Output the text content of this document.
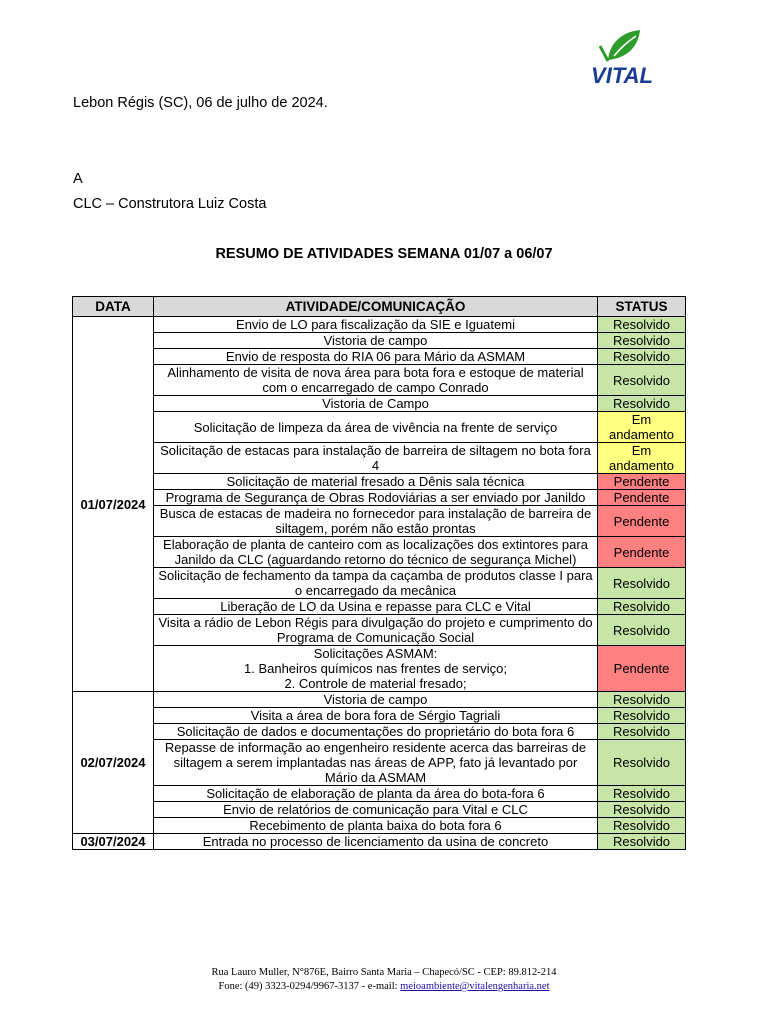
VITAL
Lebon Régis (SC), 06 de julho de 2024.
A
CLC – Construtora Luiz Costa
RESUMO DE ATIVIDADES SEMANA 01/07 a 06/07
DATA	ATIVIDADE/COMUNICAÇÃO	STATUS
01/07/2024	Envio de LO para fiscalização da SIE e Iguatemi	Resolvido
	Vistoria de campo	Resolvido
	Envio de resposta do RIA 06 para Mário da ASMAM	Resolvido
	Alinhamento de visita de nova área para bota fora e estoque de material com o encarregado de campo Conrado	Resolvido
	Vistoria de Campo	Resolvido
	Solicitação de limpeza da área de vivência na frente de serviço	Em andamento
	Solicitação de estacas para instalação de barreira de siltagem no bota fora 4	Em andamento
	Solicitação de material fresado a Dênis sala técnica	Pendente
	Programa de Segurança de Obras Rodoviárias a ser enviado por Janildo	Pendente
	Busca de estacas de madeira no fornecedor para instalação de barreira de siltagem, porém não estão prontas	Pendente
	Elaboração de planta de canteiro com as localizações dos extintores para Janildo da CLC (aguardando retorno do técnico de segurança Michel)	Pendente
	Solicitação de fechamento da tampa da caçamba de produtos classe I para o encarregado da mecânica	Resolvido
	Liberação de LO da Usina e repasse para CLC e Vital	Resolvido
	Visita a rádio de Lebon Régis para divulgação do projeto e cumprimento do Programa de Comunicação Social	Resolvido

	Solicitações ASMAM:
1. Banheiros químicos nas frentes de serviço;
2. Controle de material fresado;	Pendente
02/07/2024	Vistoria de campo	Resolvido
	Visita a área de bora fora de Sérgio Tagriali	Resolvido
	Solicitação de dados e documentações do proprietário do bota fora 6	Resolvido
	Repasse de informação ao engenheiro residente acerca das barreiras de siltagem a serem implantadas nas áreas de APP, fato já levantado por Mário da ASMAM	Resolvido
	Solicitação de elaboração de planta da área do bota-fora 6	Resolvido
	Envio de relatórios de comunicação para Vital e CLC	Resolvido
	Recebimento de planta baixa do bota fora 6	Resolvido
03/07/2024	Entrada no processo de licenciamento da usina de concreto	Resolvido
Rua Lauro Muller, N°876E, Bairro Santa Maria – Chapecó/SC - CEP: 89.812-214
Fone: (49) 3323-0294/9967-3137 - e-mail: meioambiente@vitalengenharia.net
